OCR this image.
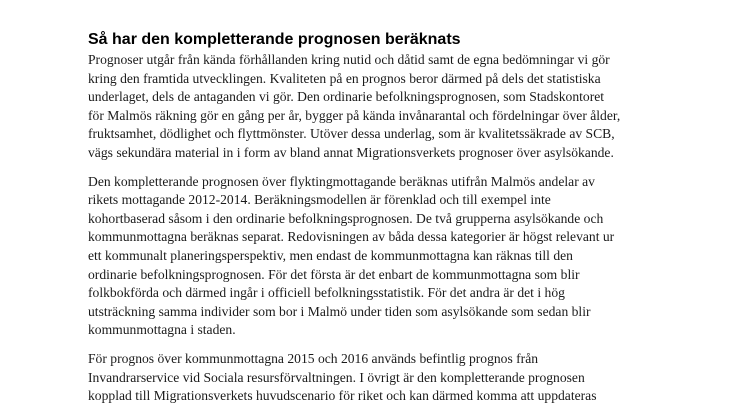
Så har den kompletterande prognosen beräknats

Prognoser utgår från kända förhållanden kring nutid och dåtid samt de egna bedömningar vi gör
kring den framtida utvecklingen. Kvaliteten på en prognos beror därmed på dels det statistiska
underlaget, dels de antaganden vi gör. Den ordinarie befolkningsprognosen, som Stadskontoret
för Malmös räkning gör en gång per år, bygger på kända invånarantal och fördelningar över ålder,
fruktsamhet, dödlighet och flyttmönster. Utöver dessa underlag, som är kvalitetssäkrade av SCB,
vägs sekundära material in i form av bland annat Migrationsverkets prognoser över asylsökande.

Den kompletterande prognosen över flyktingmottagande beräknas utifrån Malmös andelar av
rikets mottagande 2012-2014. Beräkningsmodellen är förenklad och till exempel inte
kohortbaserad såsom i den ordinarie befolkningsprognosen. De två grupperna asylsökande och
kommunmottagna beräknas separat. Redovisningen av båda dessa kategorier är högst relevant ur
ett kommunalt planeringsperspektiv, men endast de kommunmottagna kan räknas till den
ordinarie befolkningsprognosen. För det första är det enbart de kommunmottagna som blir
folkbokförda och därmed ingår i officiell befolkningsstatistik. För det andra är det i hög
utsträckning samma individer som bor i Malmö under tiden som asylsökande som sedan blir
kommunmottagna i staden.

För prognos över kommunmottagna 2015 och 2016 används befintlig prognos från
Invandrarservice vid Sociala resursförvaltningen. I övrigt är den kompletterande prognosen
kopplad till Migrationsverkets huvudscenario för riket och kan därmed komma att uppdateras
